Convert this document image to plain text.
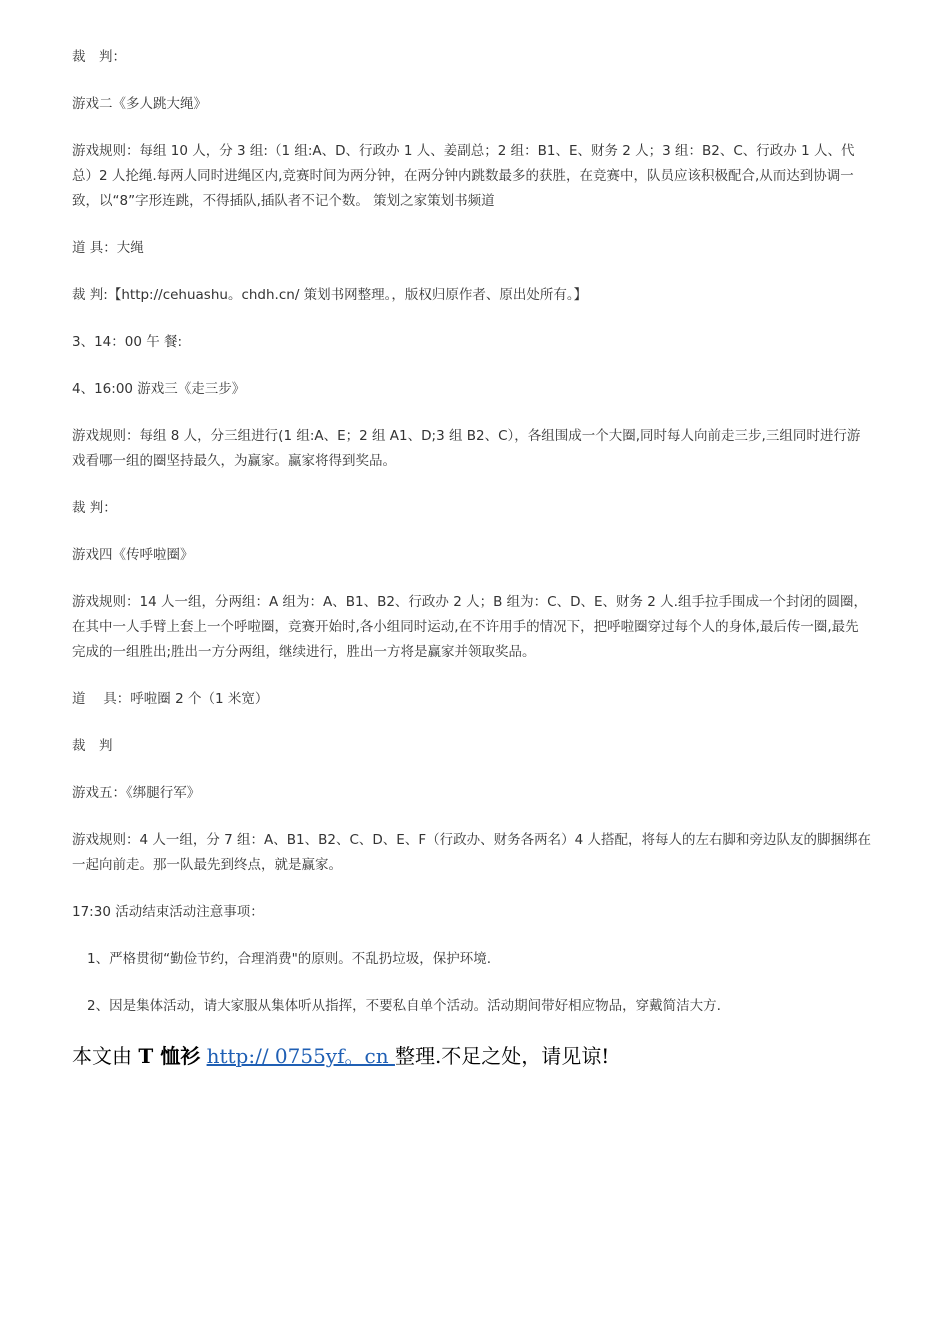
裁　判：

游戏二《多人跳大绳》

游戏规则：每组 10 人，分 3 组:（1 组:A、D、行政办 1 人、姜副总；2 组：B1、E、财务 2 人；3 组：B2、C、行政办 1 人、代总）2 人抡绳.每两人同时进绳区内,竞赛时间为两分钟，在两分钟内跳数最多的获胜，在竞赛中，队员应该积极配合,从而达到协调一致，以“8”字形连跳，不得插队,插队者不记个数。 策划之家策划书频道

道 具：大绳

裁 判:【http://cehuashu。chdh.cn/ 策划书网整理。，版权归原作者、原出处所有。】

3、14：00 午 餐:

4、16:00 游戏三《走三步》

游戏规则：每组 8 人，分三组进行(1 组:A、E；2 组 A1、D;3 组 B2、C），各组围成一个大圈,同时每人向前走三步,三组同时进行游戏看哪一组的圈坚持最久，为赢家。赢家将得到奖品。

裁 判：

游戏四《传呼啦圈》

游戏规则：14 人一组，分两组：A 组为：A、B1、B2、行政办 2 人；B 组为：C、D、E、财务 2 人.组手拉手围成一个封闭的圆圈，在其中一人手臂上套上一个呼啦圈，竞赛开始时,各小组同时运动,在不许用手的情况下，把呼啦圈穿过每个人的身体,最后传一圈,最先完成的一组胜出;胜出一方分两组，继续进行，胜出一方将是赢家并领取奖品。

道　 具：呼啦圈 2 个（1 米宽）

裁　判

游戏五：《绑腿行军》

游戏规则：4 人一组，分 7 组：A、B1、B2、C、D、E、F（行政办、财务各两名）4 人搭配，将每人的左右脚和旁边队友的脚捆绑在一起向前走。那一队最先到终点，就是赢家。

17:30 活动结束活动注意事项：

1、严格贯彻“勤俭节约，合理消费"的原则。不乱扔垃圾，保护环境.

2、因是集体活动，请大家服从集体听从指挥，不要私自单个活动。活动期间带好相应物品，穿戴简洁大方.

本文由 T 恤衫 http:// 0755yf。cn 整理.不足之处，请见谅!
